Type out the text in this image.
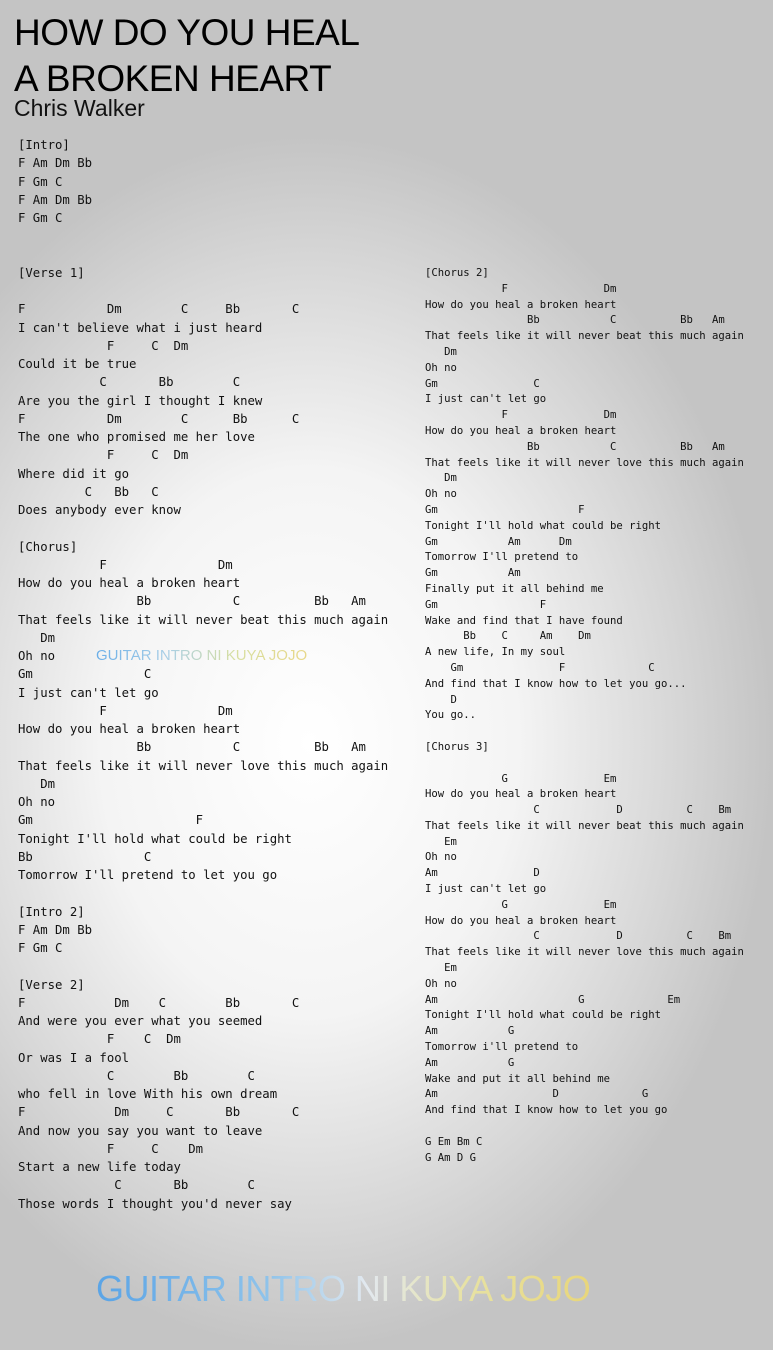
HOW DO YOU HEAL
A BROKEN HEART
Chris Walker
[Intro]
F Am Dm Bb
F Gm C
F Am Dm Bb
F Gm C
[Verse 1]
F           Dm        C     Bb       C
I can't believe what i just heard
F     C  Dm
Could it be true
C       Bb        C
Are you the girl I thought I knew
F           Dm        C      Bb      C
The one who promised me her love
F     C  Dm
Where did it go
C   Bb   C
Does anybody ever know
[Chorus]
F               Dm
How do you heal a broken heart
Bb           C          Bb   Am
That feels like it will never beat this much again
Dm
Oh no
Gm               C
I just can't let go
F               Dm
How do you heal a broken heart
Bb           C          Bb   Am
That feels like it will never love this much again
Dm
Oh no
Gm                      F
Tonight I'll hold what could be right
Bb               C
Tomorrow I'll pretend to let you go
[Intro 2]
F Am Dm Bb
F Gm C
[Verse 2]
F            Dm    C        Bb       C
And were you ever what you seemed
F    C  Dm
Or was I a fool
C        Bb        C
who fell in love With his own dream
F            Dm     C       Bb       C
And now you say you want to leave
F     C    Dm
Start a new life today
C       Bb        C
Those words I thought you'd never say
[Chorus 2]
F               Dm
How do you heal a broken heart
Bb           C          Bb   Am
That feels like it will never beat this much again
Dm
Oh no
Gm               C
I just can't let go
F               Dm
How do you heal a broken heart
Bb           C          Bb   Am
That feels like it will never love this much again
Dm
Oh no
Gm                      F
Tonight I'll hold what could be right
Gm           Am      Dm
Tomorrow I'll pretend to
Gm           Am
Finally put it all behind me
Gm                F
Wake and find that I have found
Bb    C     Am    Dm
A new life, In my soul
Gm               F             C
And find that I know how to let you go...
D
You go..
[Chorus 3]
G               Em
How do you heal a broken heart
C            D          C    Bm
That feels like it will never beat this much again
Em
Oh no
Am               D
I just can't let go
G               Em
How do you heal a broken heart
C            D          C    Bm
That feels like it will never love this much again
Em
Oh no
Am                      G             Em
Tonight I'll hold what could be right
Am           G
Tomorrow i'll pretend to
Am           G
Wake and put it all behind me
Am                  D             G
And find that I know how to let you go
G Em Bm C
G Am D G
GUITAR INTRO NI KUYA JOJO
GUITAR INTRO NI KUYA JOJO
